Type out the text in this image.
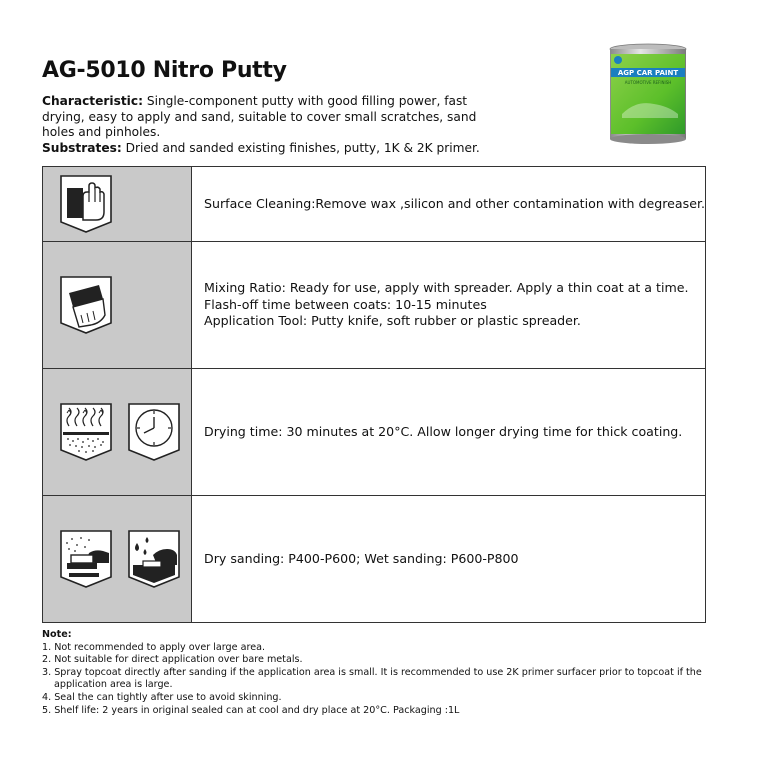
AG-5010 Nitro Putty
Characteristic: Single-component putty with good filling power, fast drying, easy to apply and sand, suitable to cover small scratches, sand holes and pinholes.
Substrates: Dried and sanded existing finishes, putty, 1K & 2K primer.
AGP CAR PAINT
AUTOMOTIVE REFINISH

Surface Cleaning:Remove wax ,silicon and other contamination with degreaser.

Mixing Ratio: Ready for use, apply with spreader. Apply a thin coat at a time.
Flash-off time between coats: 10-15 minutes
Application Tool: Putty knife, soft rubber or plastic spreader.

Drying time: 30 minutes at 20°C. Allow longer drying time for thick coating.

Dry sanding: P400-P600; Wet sanding: P600-P800
Note:
1. Not recommended to apply over large area.
2. Not suitable for direct application over bare metals.
3. Spray topcoat directly after sanding if the application area is small. It is recommended to use 2K primer surfacer prior to topcoat if the
application area is large.
4. Seal the can tightly after use to avoid skinning.
5. Shelf life: 2 years in original sealed can at cool and dry place at 20°C. Packaging :1L
